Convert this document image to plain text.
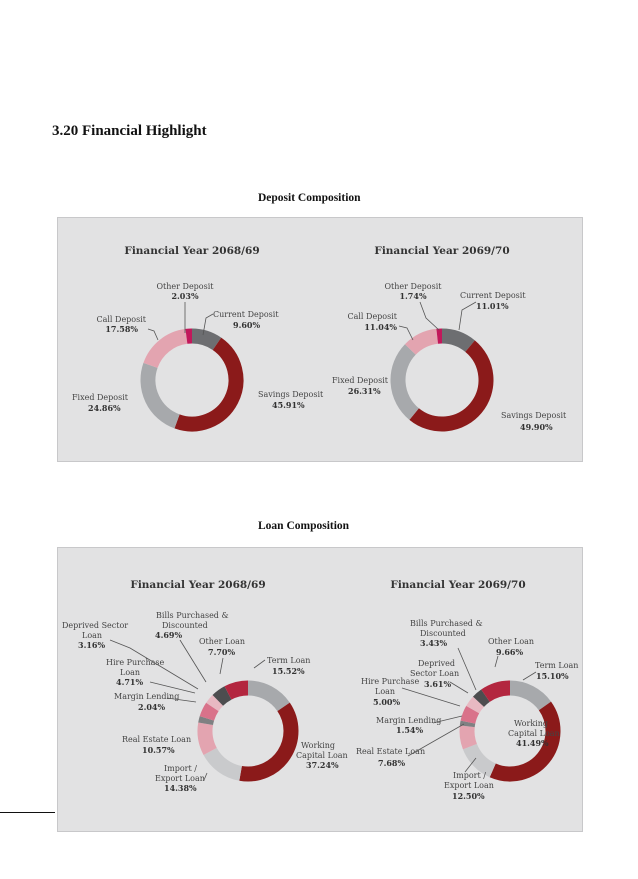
3.20 Financial Highlight
Deposit Composition
Financial Year 2068/69	Financial Year 2069/70
Other Deposit
2.03%
Current Deposit
9.60%
Call Deposit
17.58%
Fixed Deposit
24.86%
Savings Deposit
45.91%
Other Deposit
1.74%	Current Deposit
11.01%
Call Deposit
11.04%
Fixed Deposit
26.31%
Savings Deposit
49.90%
Loan Composition
Financial Year 2068/69	Financial Year 2069/70
Bills Purchased &
Discounted
4.69%
Deprived Sector
Loan
3.16%	Other Loan
7.70%
Term Loan
15.52%
Hire Purchase
Loan
4.71%
Margin Lending
2.04%
Real Estate Loan
10.57%
Import /
Export Loan
14.38%
Working
Capital Loan
37.24%
Bills Purchased &
Discounted
3.43%	Other Loan
9.66%
Term Loan
15.10%
Deprived
Sector Loan
3.61%
Hire Purchase
Loan
5.00%
Margin Lending
1.54%
Real Estate Loan
7.68%
Import /
Export Loan
12.50%
Working
Capital Loan
41.49%
